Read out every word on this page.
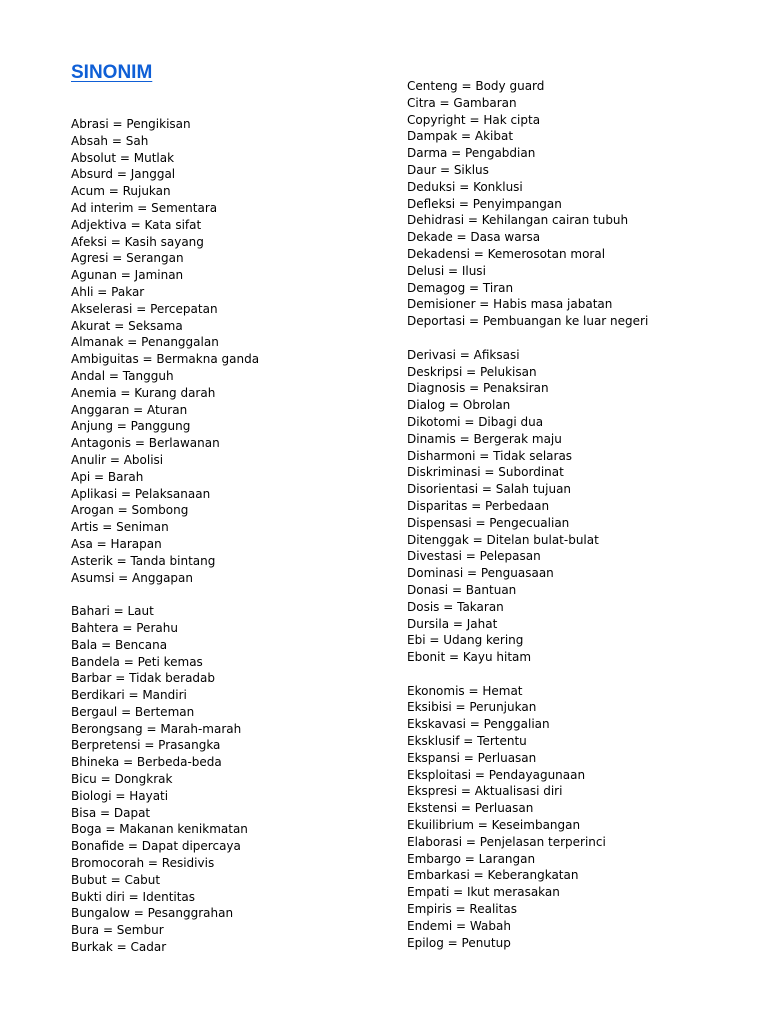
SINONIM
Abrasi = Pengikisan
Absah = Sah
Absolut = Mutlak
Absurd = Janggal
Acum = Rujukan
Ad interim = Sementara
Adjektiva = Kata sifat
Afeksi = Kasih sayang
Agresi = Serangan
Agunan = Jaminan
Ahli = Pakar
Akselerasi = Percepatan
Akurat = Seksama
Almanak = Penanggalan
Ambiguitas = Bermakna ganda
Andal = Tangguh
Anemia = Kurang darah
Anggaran = Aturan
Anjung = Panggung
Antagonis = Berlawanan
Anulir = Abolisi
Api = Barah
Aplikasi = Pelaksanaan
Arogan = Sombong
Artis = Seniman
Asa = Harapan
Asterik = Tanda bintang
Asumsi = Anggapan
Bahari = Laut
Bahtera = Perahu
Bala = Bencana
Bandela = Peti kemas
Barbar = Tidak beradab
Berdikari = Mandiri
Bergaul = Berteman
Berongsang = Marah-marah
Berpretensi = Prasangka
Bhineka = Berbeda-beda
Bicu = Dongkrak
Biologi = Hayati
Bisa = Dapat
Boga = Makanan kenikmatan
Bonafide = Dapat dipercaya
Bromocorah = Residivis
Bubut = Cabut
Bukti diri = Identitas
Bungalow = Pesanggrahan
Bura = Sembur
Burkak = Cadar
Centeng = Body guard
Citra = Gambaran
Copyright = Hak cipta
Dampak = Akibat
Darma = Pengabdian
Daur = Siklus
Deduksi = Konklusi
Defleksi = Penyimpangan
Dehidrasi = Kehilangan cairan tubuh
Dekade = Dasa warsa
Dekadensi = Kemerosotan moral
Delusi = Ilusi
Demagog = Tiran
Demisioner = Habis masa jabatan
Deportasi = Pembuangan ke luar negeri
Derivasi = Afiksasi
Deskripsi = Pelukisan
Diagnosis = Penaksiran
Dialog = Obrolan
Dikotomi = Dibagi dua
Dinamis = Bergerak maju
Disharmoni = Tidak selaras
Diskriminasi = Subordinat
Disorientasi = Salah tujuan
Disparitas = Perbedaan
Dispensasi = Pengecualian
Ditenggak = Ditelan bulat-bulat
Divestasi = Pelepasan
Dominasi = Penguasaan
Donasi = Bantuan
Dosis = Takaran
Dursila = Jahat
Ebi = Udang kering
Ebonit = Kayu hitam
Ekonomis = Hemat
Eksibisi = Perunjukan
Ekskavasi = Penggalian
Eksklusif = Tertentu
Ekspansi = Perluasan
Eksploitasi = Pendayagunaan
Ekspresi = Aktualisasi diri
Ekstensi = Perluasan
Ekuilibrium = Keseimbangan
Elaborasi = Penjelasan terperinci
Embargo = Larangan
Embarkasi = Keberangkatan
Empati = Ikut merasakan
Empiris = Realitas
Endemi = Wabah
Epilog = Penutup
